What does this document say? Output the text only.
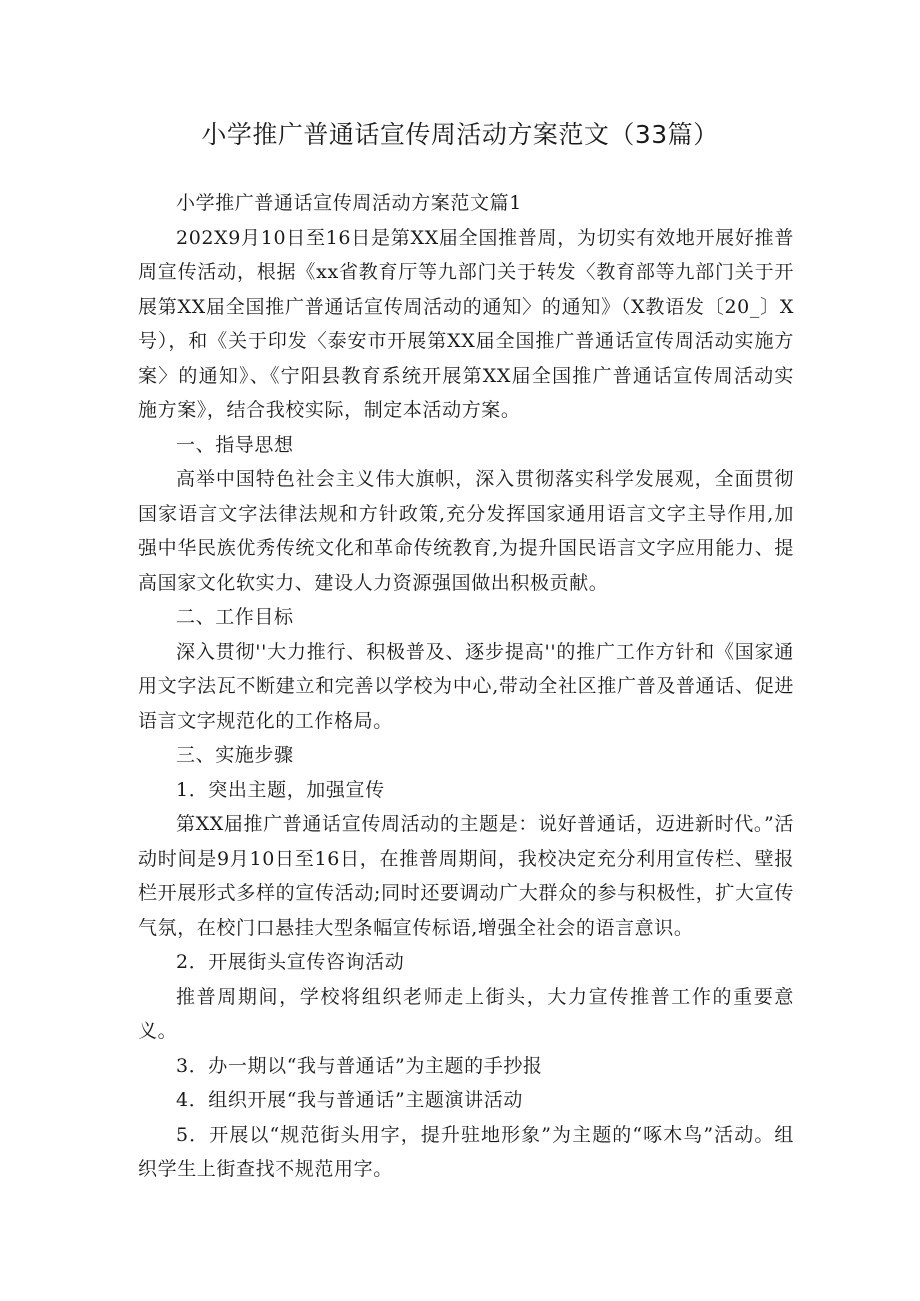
小学推广普通话宣传周活动方案范文（33篇）

小学推广普通话宣传周活动方案范文篇1

202X9月10日至16日是第XX届全国推普周，为切实有效地开展好推普周宣传活动，根据《xx省教育厅等九部门关于转发〈教育部等九部门关于开展第XX届全国推广普通话宣传周活动的通知〉的通知》（X教语发〔20_〕X号），和《关于印发〈泰安市开展第XX届全国推广普通话宣传周活动实施方案〉的通知》、《宁阳县教育系统开展第XX届全国推广普通话宣传周活动实施方案》，结合我校实际，制定本活动方案。

一、指导思想

高举中国特色社会主义伟大旗帜，深入贯彻落实科学发展观，全面贯彻国家语言文字法律法规和方针政策,充分发挥国家通用语言文字主导作用,加强中华民族优秀传统文化和革命传统教育,为提升国民语言文字应用能力、提高国家文化软实力、建设人力资源强国做出积极贡献。

二、工作目标

深入贯彻''大力推行、积极普及、逐步提高''的推广工作方针和《国家通用文字法瓦不断建立和完善以学校为中心,带动全社区推广普及普通话、促进语言文字规范化的工作格局。

三、实施步骤

1．突出主题，加强宣传

第XX届推广普通话宣传周活动的主题是：说好普通话，迈进新时代。”活动时间是9月10日至16日，在推普周期间，我校决定充分利用宣传栏、壁报栏开展形式多样的宣传活动;同时还要调动广大群众的参与积极性，扩大宣传气氛，在校门口悬挂大型条幅宣传标语,增强全社会的语言意识。

2．开展街头宣传咨询活动

推普周期间，学校将组织老师走上街头，大力宣传推普工作的重要意义。

3．办一期以“我与普通话”为主题的手抄报

4．组织开展“我与普通话”主题演讲活动

5．开展以“规范街头用字，提升驻地形象”为主题的“啄木鸟”活动。组织学生上街查找不规范用字。
